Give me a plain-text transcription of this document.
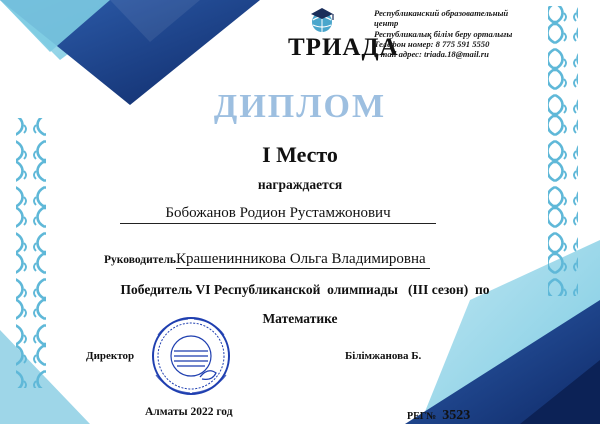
ТРИАДА
Республиканский образовательный
центр
Республикалық білім беру орталығы
Телефон номер: 8 775 591 5550
e-mail адрес: triada.18@mail.ru
ДИПЛОМ
I Место
награждается
Бобожанов Родион Рустамжонович
РуководительКрашенинникова Ольга Владимировна
Победитель VI Республиканской  олимпиады   (III сезон)  по
Математике
Директор	Білімжанова Б.
Алматы 2022 год	РЕГ№ 3523
